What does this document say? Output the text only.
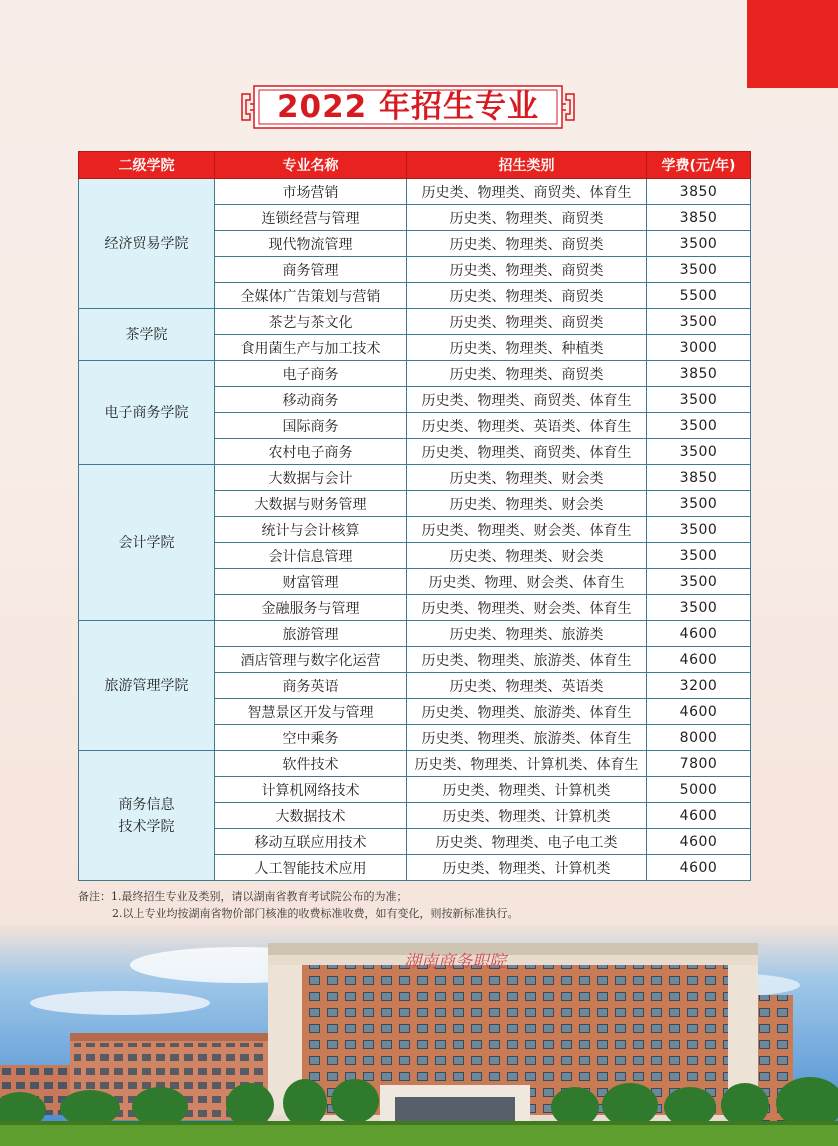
2022 年招生专业
二级学院	专业名称	招生类别	学费(元/年)
经济贸易学院	市场营销	历史类、物理类、商贸类、体育生	3850
	连锁经营与管理	历史类、物理类、商贸类	3850
	现代物流管理	历史类、物理类、商贸类	3500
	商务管理	历史类、物理类、商贸类	3500
	全媒体广告策划与营销	历史类、物理类、商贸类	5500
茶学院	茶艺与茶文化	历史类、物理类、商贸类	3500
	食用菌生产与加工技术	历史类、物理类、种植类	3000
电子商务学院	电子商务	历史类、物理类、商贸类	3850
	移动商务	历史类、物理类、商贸类、体育生	3500
	国际商务	历史类、物理类、英语类、体育生	3500
	农村电子商务	历史类、物理类、商贸类、体育生	3500
会计学院	大数据与会计	历史类、物理类、财会类	3850
	大数据与财务管理	历史类、物理类、财会类	3500
	统计与会计核算	历史类、物理类、财会类、体育生	3500
	会计信息管理	历史类、物理类、财会类	3500
	财富管理	历史类、物理、财会类、体育生	3500
	金融服务与管理	历史类、物理类、财会类、体育生	3500
旅游管理学院	旅游管理	历史类、物理类、旅游类	4600
	酒店管理与数字化运营	历史类、物理类、旅游类、体育生	4600
	商务英语	历史类、物理类、英语类	3200
	智慧景区开发与管理	历史类、物理类、旅游类、体育生	4600
	空中乘务	历史类、物理类、旅游类、体育生	8000
商务信息
技术学院	软件技术	历史类、物理类、计算机类、体育生	7800
	计算机网络技术	历史类、物理类、计算机类	5000
	大数据技术	历史类、物理类、计算机类	4600
	移动互联应用技术	历史类、物理类、电子电工类	4600
	人工智能技术应用	历史类、物理类、计算机类	4600
备注：1.最终招生专业及类别，请以湖南省教育考试院公布的为准；
2.以上专业均按湖南省物价部门核准的收费标准收费，如有变化，则按新标准执行。
湖南商务职院
